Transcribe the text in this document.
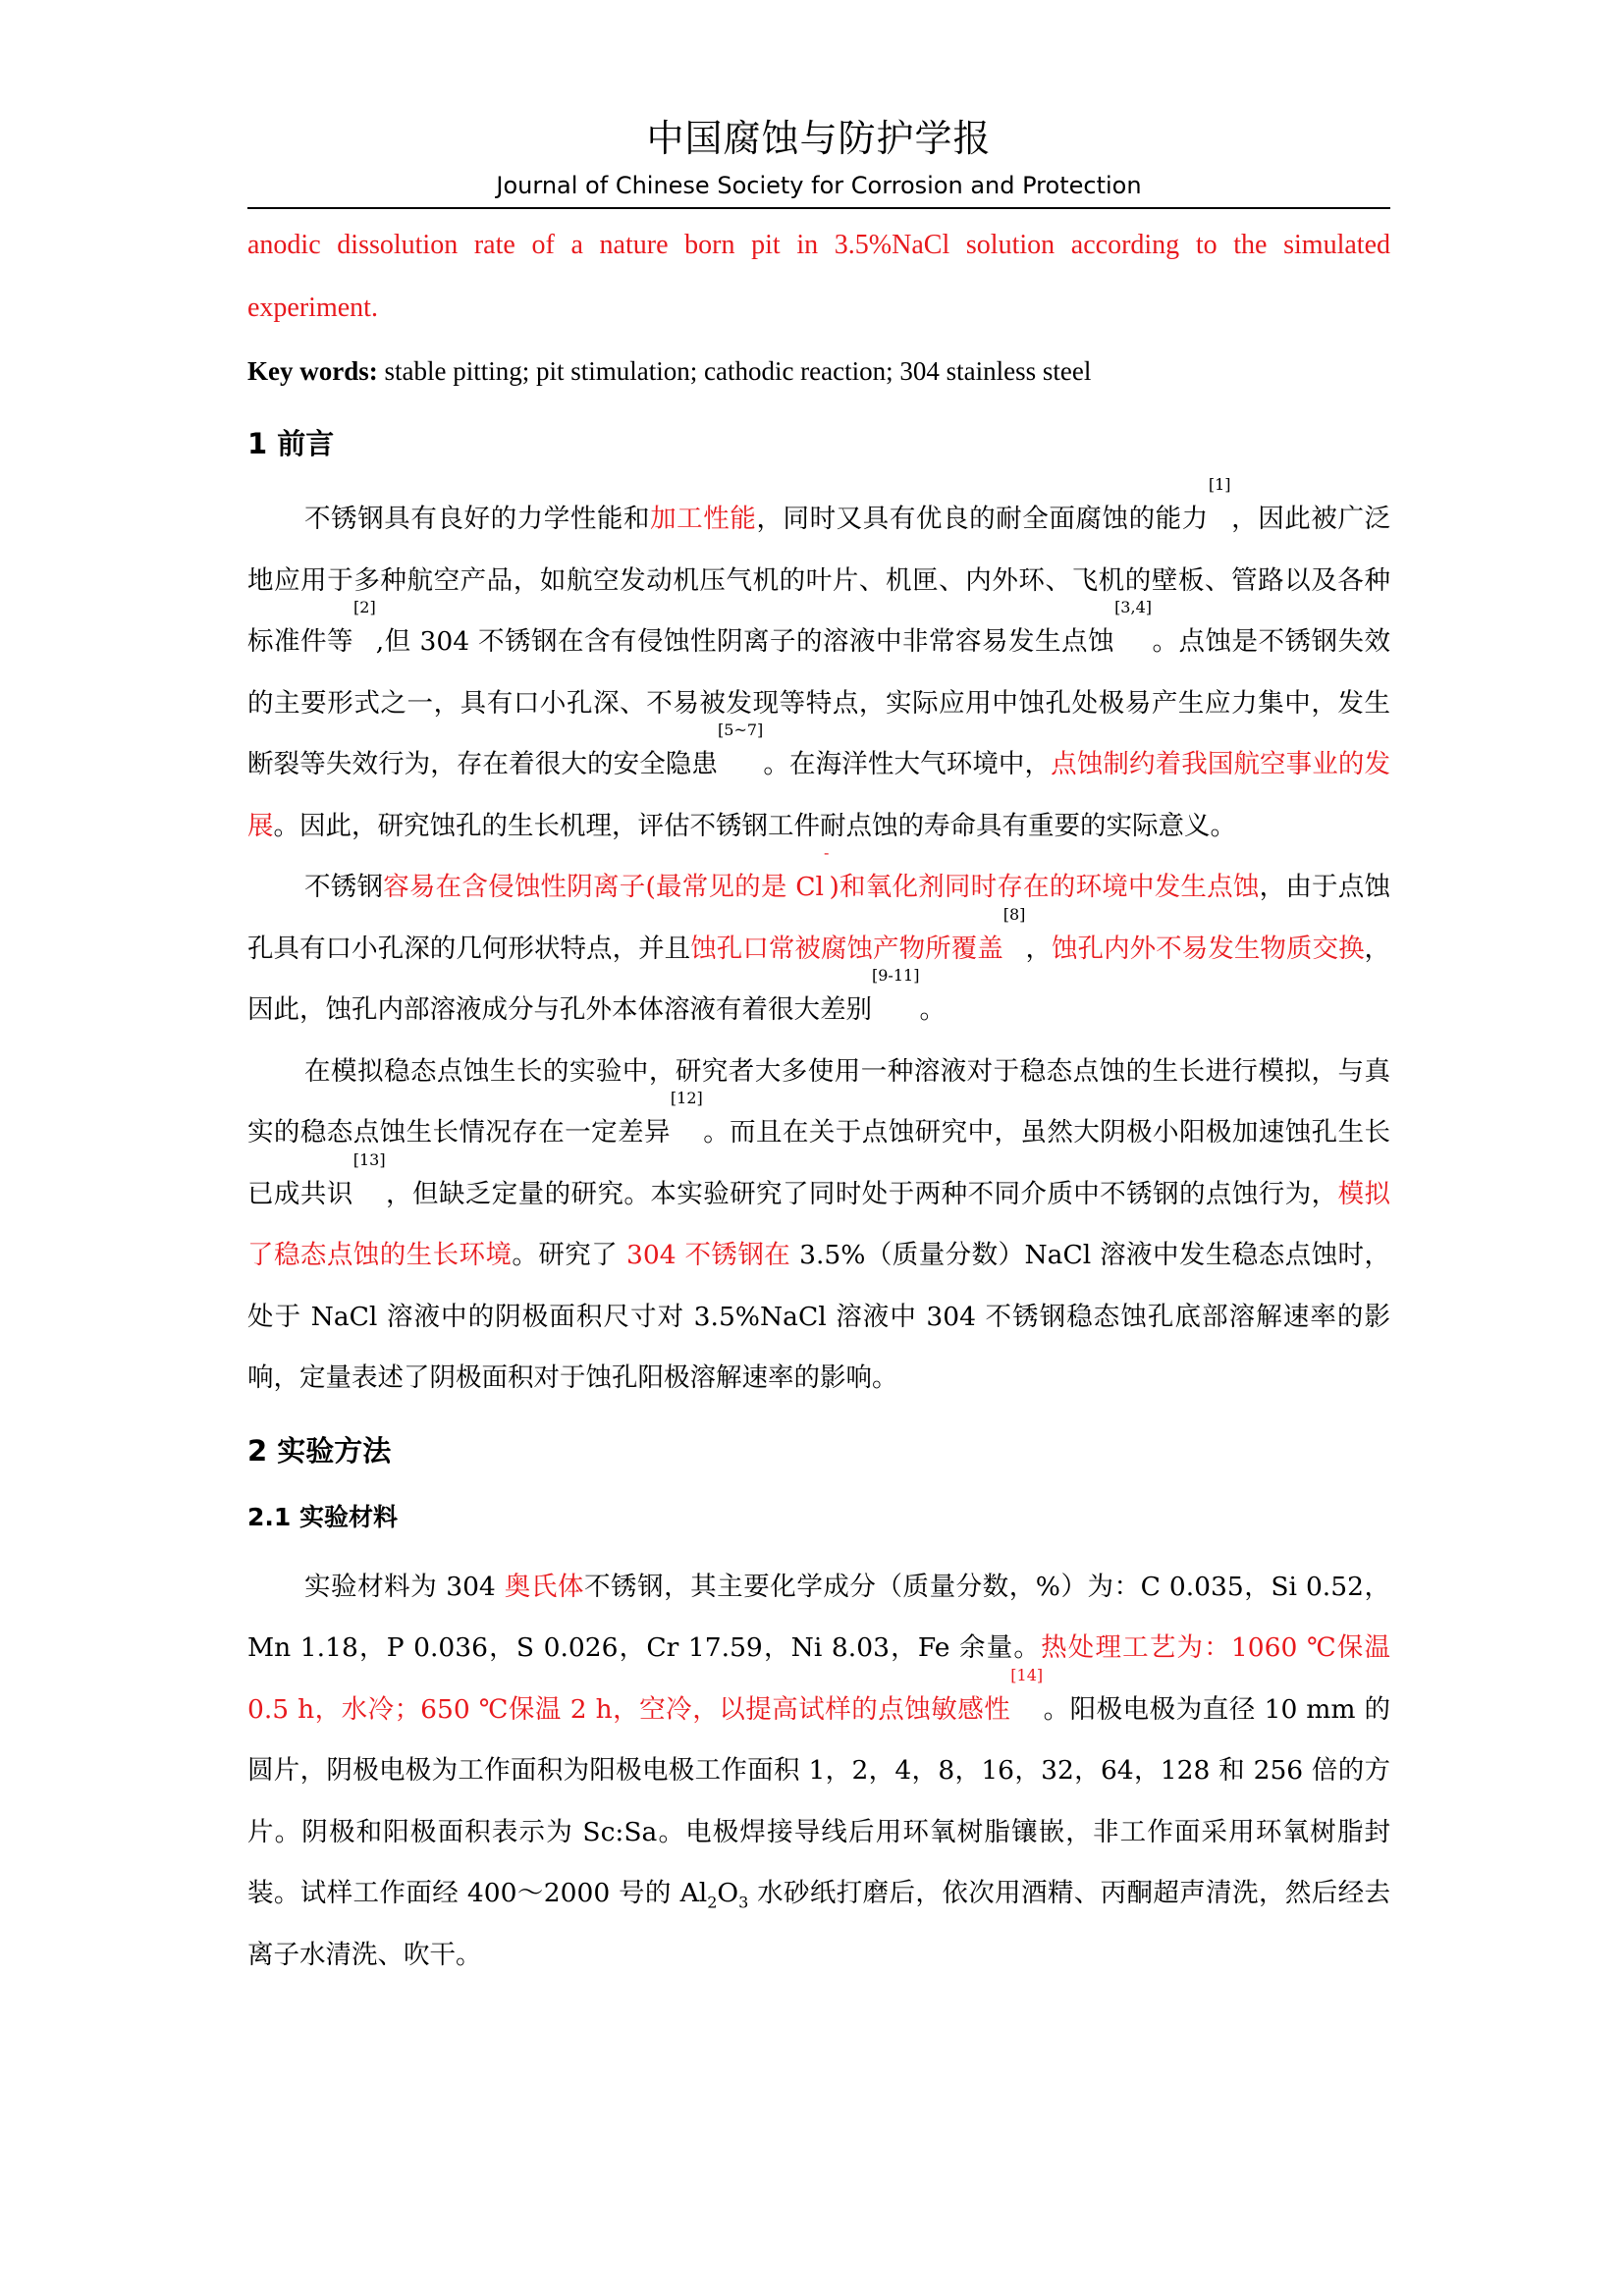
中国腐蚀与防护学报
Journal of Chinese Society for Corrosion and Protection

anodic dissolution rate of a nature born pit in 3.5%NaCl solution according to the simulated experiment.

Key words: stable pitting; pit stimulation; cathodic reaction; 304 stainless steel

1 前言

不锈钢具有良好的力学性能和加工性能，同时又具有优良的耐全面腐蚀的能力[1]，因此被广泛地应用于多种航空产品，如航空发动机压气机的叶片、机匣、内外环、飞机的壁板、管路以及各种标准件等[2],但 304 不锈钢在含有侵蚀性阴离子的溶液中非常容易发生点蚀[3,4]。点蚀是不锈钢失效的主要形式之一，具有口小孔深、不易被发现等特点，实际应用中蚀孔处极易产生应力集中，发生断裂等失效行为，存在着很大的安全隐患[5~7]。在海洋性大气环境中，点蚀制约着我国航空事业的发展。因此，研究蚀孔的生长机理，评估不锈钢工件耐点蚀的寿命具有重要的实际意义。

不锈钢容易在含侵蚀性阴离子(最常见的是 Cl-)和氧化剂同时存在的环境中发生点蚀，由于点蚀孔具有口小孔深的几何形状特点，并且蚀孔口常被腐蚀产物所覆盖[8]，蚀孔内外不易发生物质交换，因此，蚀孔内部溶液成分与孔外本体溶液有着很大差别[9-11]。

在模拟稳态点蚀生长的实验中，研究者大多使用一种溶液对于稳态点蚀的生长进行模拟，与真实的稳态点蚀生长情况存在一定差异[12]。而且在关于点蚀研究中，虽然大阴极小阳极加速蚀孔生长已成共识[13]，但缺乏定量的研究。本实验研究了同时处于两种不同介质中不锈钢的点蚀行为，模拟了稳态点蚀的生长环境。研究了 304 不锈钢在 3.5%（质量分数）NaCl 溶液中发生稳态点蚀时，处于 NaCl 溶液中的阴极面积尺寸对 3.5%NaCl 溶液中 304 不锈钢稳态蚀孔底部溶解速率的影响，定量表述了阴极面积对于蚀孔阳极溶解速率的影响。

2 实验方法
2.1 实验材料

实验材料为 304 奥氏体不锈钢，其主要化学成分（质量分数，%）为：C 0.035，Si 0.52，Mn 1.18，P 0.036，S 0.026，Cr 17.59，Ni 8.03，Fe 余量。热处理工艺为：1060 ℃保温 0.5 h，水冷；650 ℃保温 2 h，空冷，以提高试样的点蚀敏感性[14]。阳极电极为直径 10 mm 的圆片，阴极电极为工作面积为阳极电极工作面积 1，2，4，8，16，32，64，128 和 256 倍的方片。阴极和阳极面积表示为 Sc:Sa。电极焊接导线后用环氧树脂镶嵌，非工作面采用环氧树脂封装。试样工作面经 400～2000 号的 $Al_2O_3$ 水砂纸打磨后，依次用酒精、丙酮超声清洗，然后经去离子水清洗、吹干。
